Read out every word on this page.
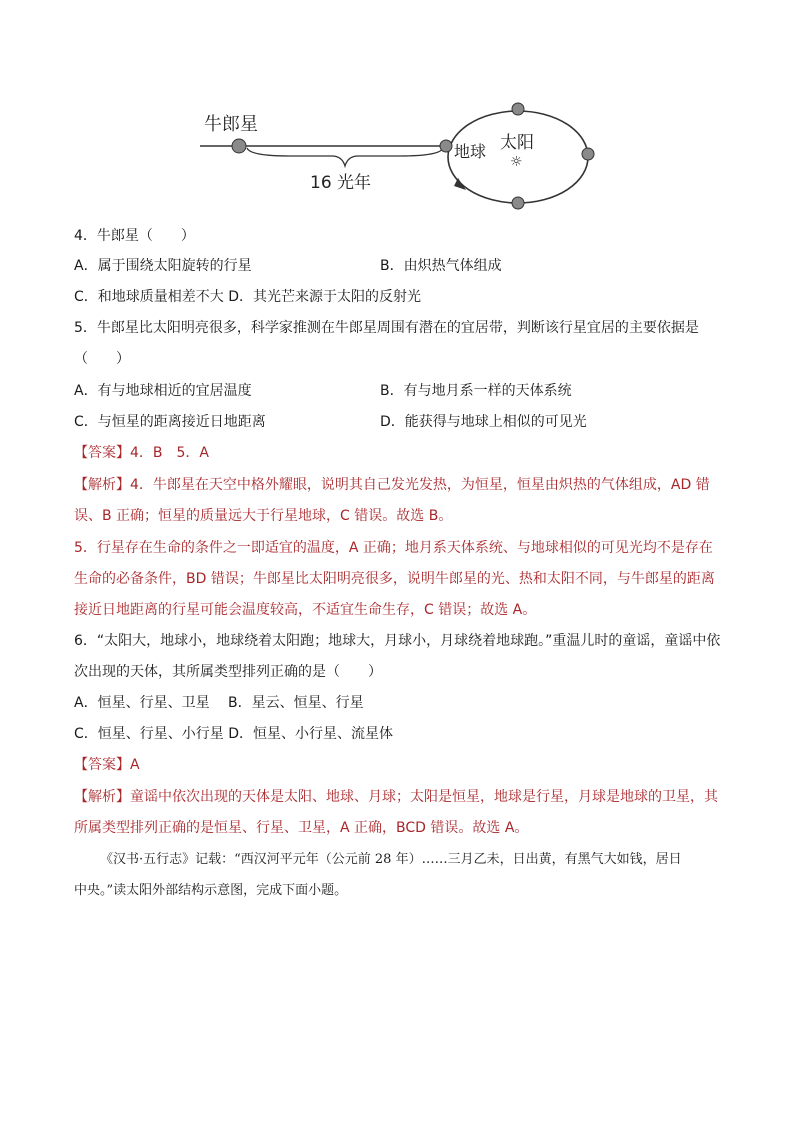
牛郎星
16 光年
地球 太阳
☼
4．牛郎星（　　）
A．属于围绕太阳旋转的行星	B．由炽热气体组成
C．和地球质量相差不大 D．其光芒来源于太阳的反射光
5．牛郎星比太阳明亮很多，科学家推测在牛郎星周围有潜在的宜居带，判断该行星宜居的主要依据是
（　　）
A．有与地球相近的宜居温度	B．有与地月系一样的天体系统
C．与恒星的距离接近日地距离	D．能获得与地球上相似的可见光
【答案】4．B　5．A
【解析】4．牛郎星在天空中格外耀眼，说明其自己发光发热，为恒星，恒星由炽热的气体组成，AD 错
误、B 正确；恒星的质量远大于行星地球，C 错误。故选 B。
5．行星存在生命的条件之一即适宜的温度，A 正确；地月系天体系统、与地球相似的可见光均不是存在
生命的必备条件，BD 错误；牛郎星比太阳明亮很多，说明牛郎星的光、热和太阳不同，与牛郎星的距离
接近日地距离的行星可能会温度较高，不适宜生命生存，C 错误；故选 A。
6．“太阳大，地球小，地球绕着太阳跑；地球大，月球小，月球绕着地球跑。”重温儿时的童谣，童谣中依
次出现的天体，其所属类型排列正确的是（　　）
A．恒星、行星、卫星　 B．星云、恒星、行星
C．恒星、行星、小行星 D．恒星、小行星、流星体
【答案】A
【解析】童谣中依次出现的天体是太阳、地球、月球；太阳是恒星，地球是行星，月球是地球的卫星，其
所属类型排列正确的是恒星、行星、卫星，A 正确，BCD 错误。故选 A。
《汉书·五行志》记载：“西汉河平元年（公元前 28 年）……三月乙未，日出黄，有黑气大如钱，居日
中央。”读太阳外部结构示意图，完成下面小题。
